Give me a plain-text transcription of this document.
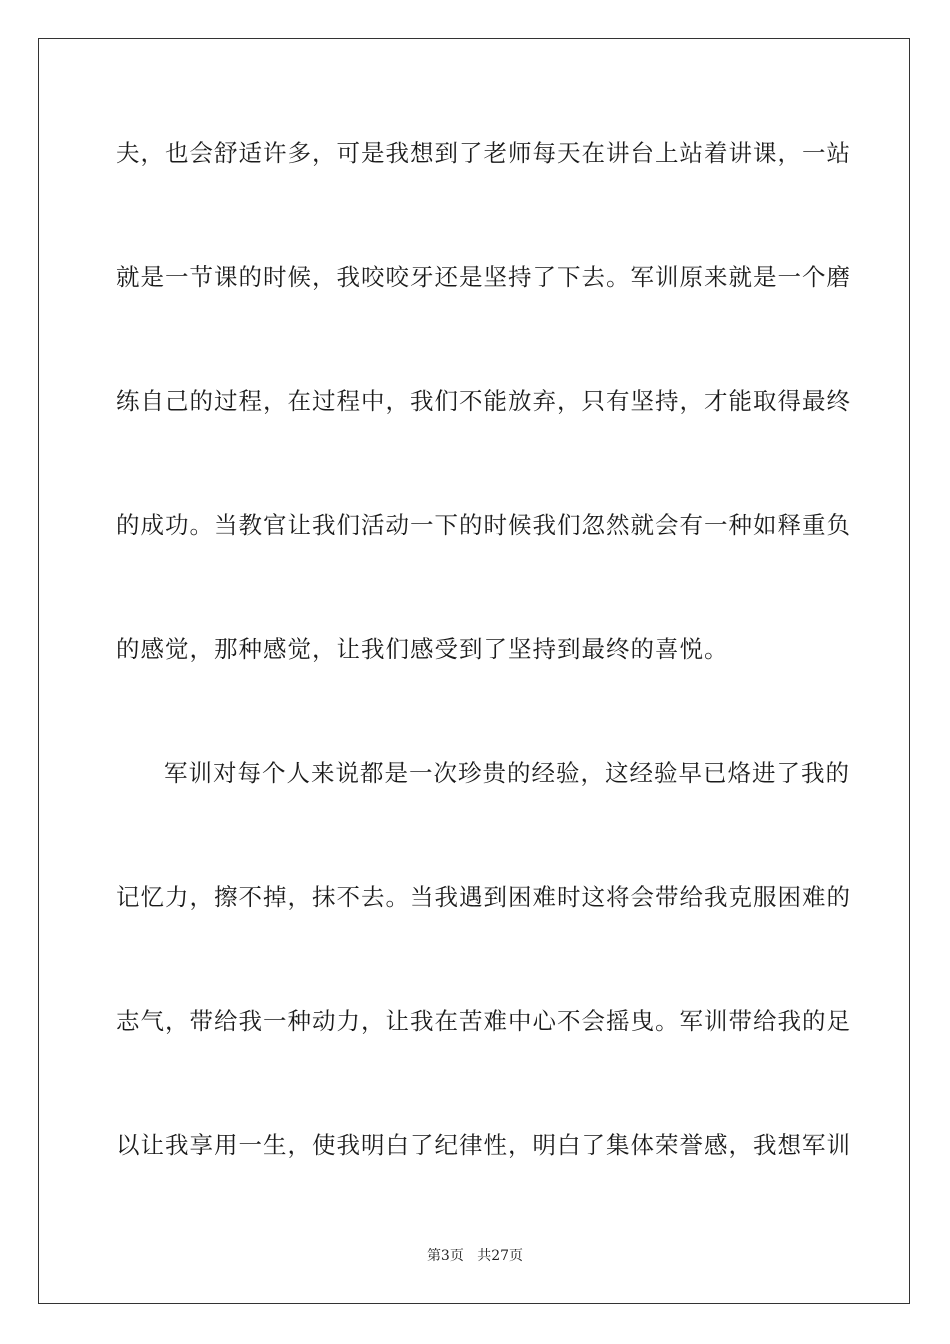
夫，也会舒适许多，可是我想到了老师每天在讲台上站着讲课，一站
就是一节课的时候，我咬咬牙还是坚持了下去。军训原来就是一个磨
练自己的过程，在过程中，我们不能放弃，只有坚持，才能取得最终
的成功。当教官让我们活动一下的时候我们忽然就会有一种如释重负
的感觉，那种感觉，让我们感受到了坚持到最终的喜悦。
军训对每个人来说都是一次珍贵的经验，这经验早已烙进了我的
记忆力，擦不掉，抹不去。当我遇到困难时这将会带给我克服困难的
志气，带给我一种动力，让我在苦难中心不会摇曳。军训带给我的足
以让我享用一生，使我明白了纪律性，明白了集体荣誉感，我想军训
第3页 共27页
